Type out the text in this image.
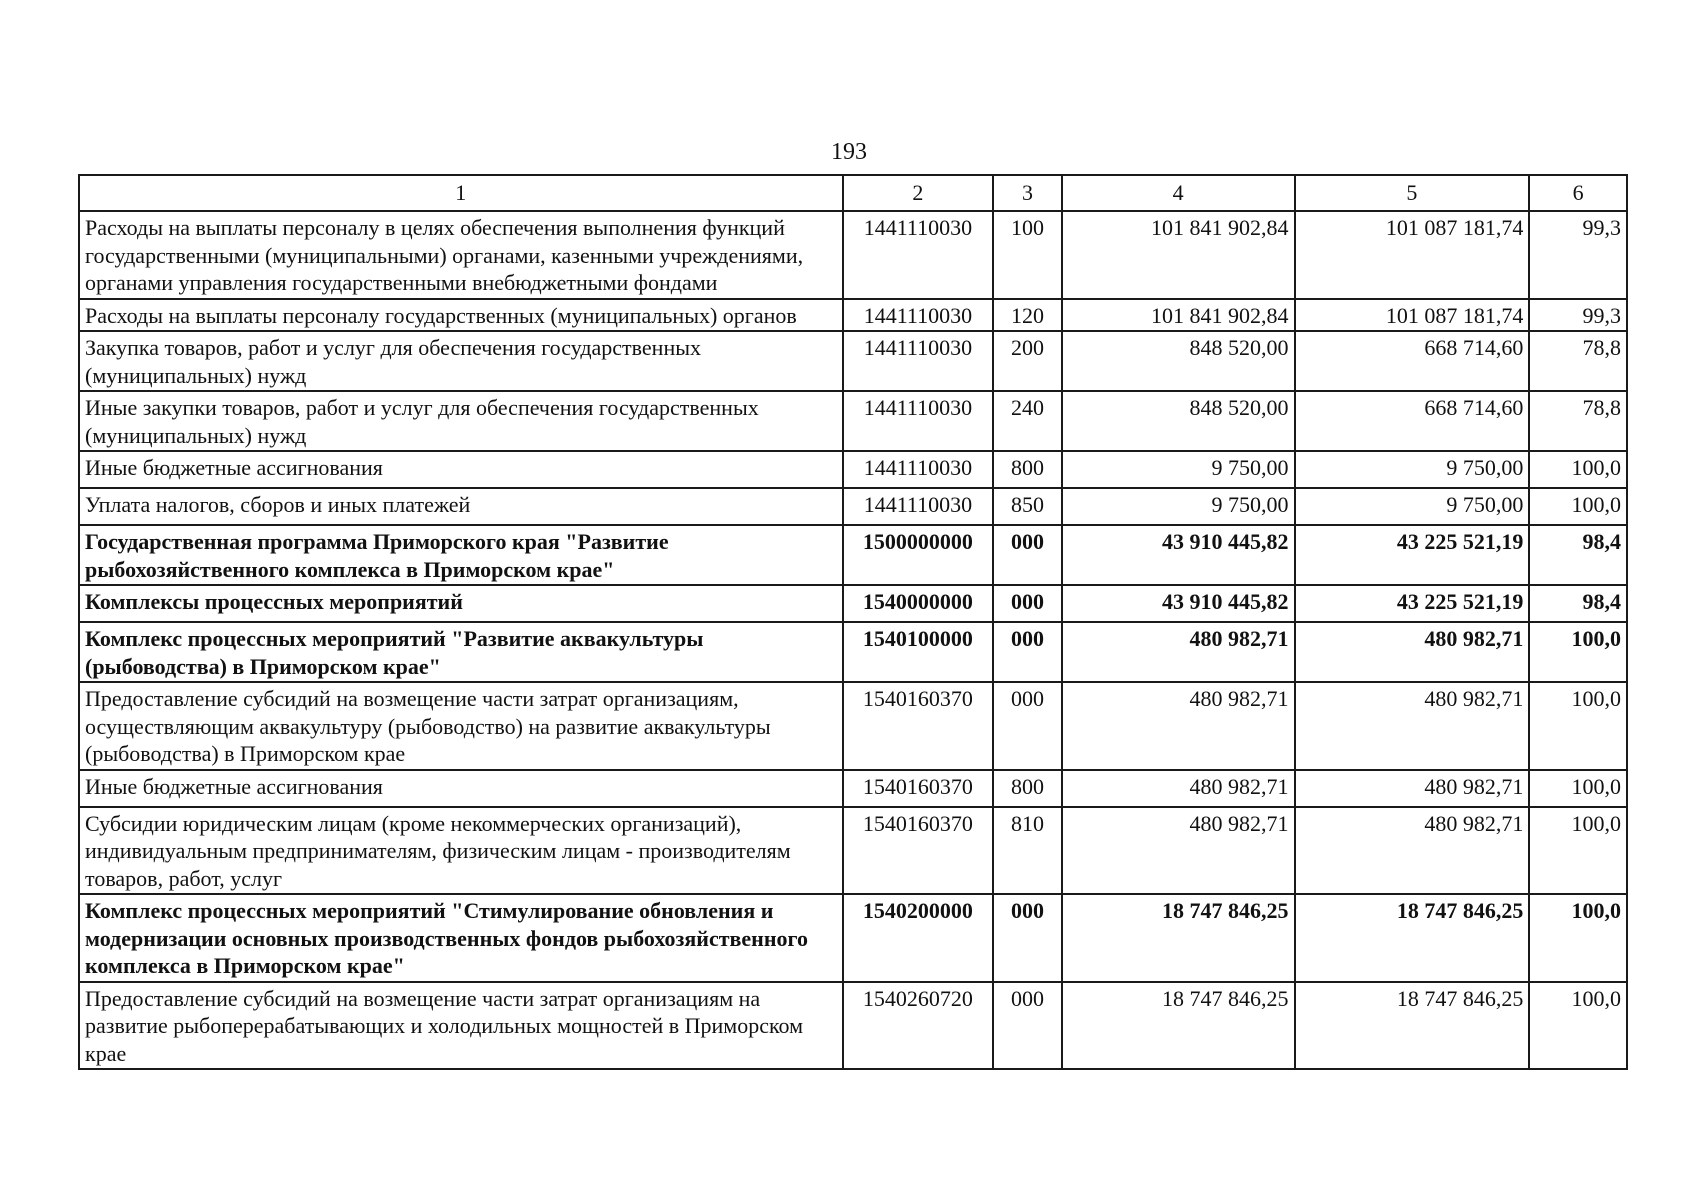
193
1	2	3	4	5	6
Расходы на выплаты персоналу в целях обеспечения выполнения функций государственными (муниципальными) органами, казенными учреждениями, органами управления государственными внебюджетными фондами	1441110030	100	101 841 902,84	101 087 181,74	99,3
Расходы на выплаты персоналу государственных (муниципальных) органов	1441110030	120	101 841 902,84	101 087 181,74	99,3
Закупка товаров, работ и услуг для обеспечения государственных (муниципальных) нужд	1441110030	200	848 520,00	668 714,60	78,8
Иные закупки товаров, работ и услуг для обеспечения государственных (муниципальных) нужд	1441110030	240	848 520,00	668 714,60	78,8
Иные бюджетные ассигнования	1441110030	800	9 750,00	9 750,00	100,0
Уплата налогов, сборов и иных платежей	1441110030	850	9 750,00	9 750,00	100,0
Государственная программа Приморского края "Развитие рыбохозяйственного комплекса в Приморском крае"	1500000000	000	43 910 445,82	43 225 521,19	98,4
Комплексы процессных мероприятий	1540000000	000	43 910 445,82	43 225 521,19	98,4
Комплекс процессных мероприятий "Развитие аквакультуры (рыбоводства) в Приморском крае"	1540100000	000	480 982,71	480 982,71	100,0
Предоставление субсидий на возмещение части затрат организациям, осуществляющим аквакультуру (рыбоводство) на развитие аквакультуры (рыбоводства) в Приморском крае	1540160370	000	480 982,71	480 982,71	100,0
Иные бюджетные ассигнования	1540160370	800	480 982,71	480 982,71	100,0
Субсидии юридическим лицам (кроме некоммерческих организаций), индивидуальным предпринимателям, физическим лицам - производителям товаров, работ, услуг	1540160370	810	480 982,71	480 982,71	100,0
Комплекс процессных мероприятий "Стимулирование обновления и модернизации основных производственных фондов рыбохозяйственного комплекса в Приморском крае"	1540200000	000	18 747 846,25	18 747 846,25	100,0
Предоставление субсидий на возмещение части затрат организациям на развитие рыбоперерабатывающих и холодильных мощностей в Приморском крае	1540260720	000	18 747 846,25	18 747 846,25	100,0
